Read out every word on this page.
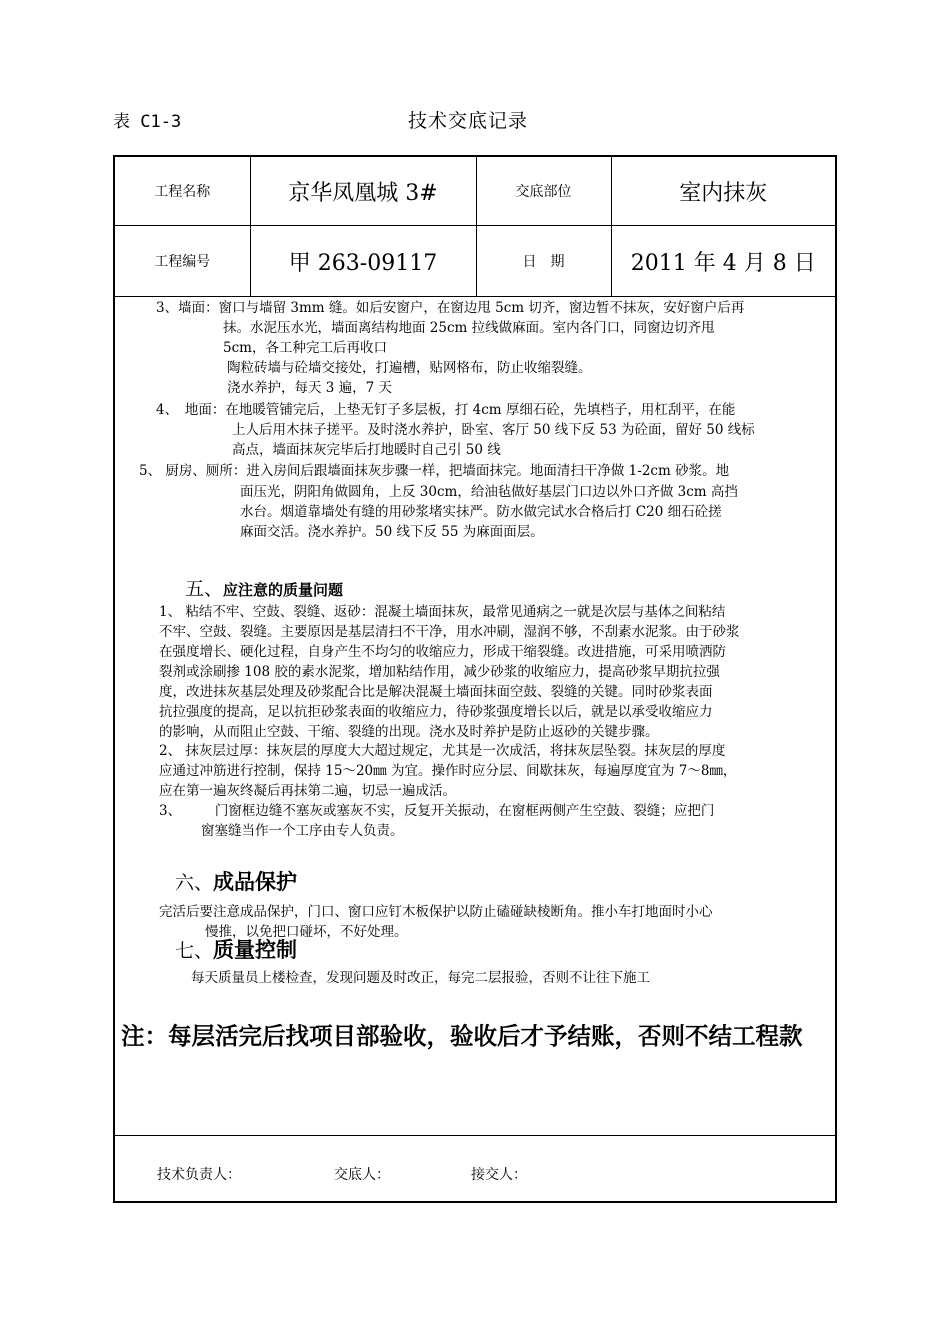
表 C1-3	技术交底记录
工程名称	京华凤凰城 3#	交底部位	室内抹灰
工程编号	甲 263-09117	日　期	2011 年 4 月 8 日
3、墙面：窗口与墙留 3mm 缝。如后安窗户，在窗边甩 5cm 切齐，窗边暂不抹灰，安好窗户后再
抹。水泥压水光，墙面离结构地面 25cm 拉线做麻面。室内各门口，同窗边切齐甩
5cm，各工种完工后再收口
陶粒砖墙与砼墙交接处，打遍槽，贴网格布，防止收缩裂缝。
浇水养护，每天 3 遍，7 天
4、　地面：在地暖管铺完后，上垫无钉子多层板，打 4cm 厚细石砼，先填档子，用杠刮平，在能
上人后用木抹子搓平。及时浇水养护，卧室、客厅 50 线下反 53 为砼面，留好 50 线标
高点，墙面抹灰完毕后打地暖时自己引 50 线
5、 厨房、厕所：进入房间后跟墙面抹灰步骤一样，把墙面抹完。地面清扫干净做 1-2cm 砂浆。地
面压光，阴阳角做圆角，上反 30cm，给油毡做好基层门口边以外口齐做 3cm 高挡
水台。烟道靠墙处有缝的用砂浆堵实抹严。防水做完试水合格后打 C20 细石砼搓
麻面交活。浇水养护。50 线下反 55 为麻面面层。
五、应注意的质量问题
1、 粘结不牢、空鼓、裂缝、返砂：混凝土墙面抹灰，最常见通病之一就是次层与基体之间粘结
不牢、空鼓、裂缝。主要原因是基层清扫不干净，用水冲刷，湿润不够，不刮素水泥浆。由于砂浆
在强度增长、硬化过程，自身产生不均匀的收缩应力，形成干缩裂缝。改进措施，可采用喷洒防
裂剂或涂刷掺 108 胶的素水泥浆，增加粘结作用，减少砂浆的收缩应力，提高砂浆早期抗拉强
度，改进抹灰基层处理及砂浆配合比是解决混凝土墙面抹面空鼓、裂缝的关键。同时砂浆表面
抗拉强度的提高，足以抗拒砂浆表面的收缩应力，待砂浆强度增长以后，就是以承受收缩应力
的影响，从而阻止空鼓、干缩、裂缝的出现。浇水及时养护是防止返砂的关键步骤。
2、 抹灰层过厚：抹灰层的厚度大大超过规定，尤其是一次成活，将抹灰层坠裂。抹灰层的厚度
应通过冲筋进行控制，保持 15～20㎜ 为宜。操作时应分层、间歇抹灰，每遍厚度宜为 7～8㎜，
应在第一遍灰终凝后再抹第二遍，切忌一遍成活。
3、　　　门窗框边缝不塞灰或塞灰不实，反复开关振动，在窗框两侧产生空鼓、裂缝；应把门
窗塞缝当作一个工序由专人负责。
六、成品保护
完活后要注意成品保护，门口、窗口应钉木板保护以防止磕碰缺棱断角。推小车打地面时小心
慢推，以免把口碰坏，不好处理。
七、质量控制
每天质量员上楼检查，发现问题及时改正，每完二层报验，否则不让往下施工
注：每层活完后找项目部验收，验收后才予结账，否则不结工程款
技术负责人：	交底人：	接交人：
